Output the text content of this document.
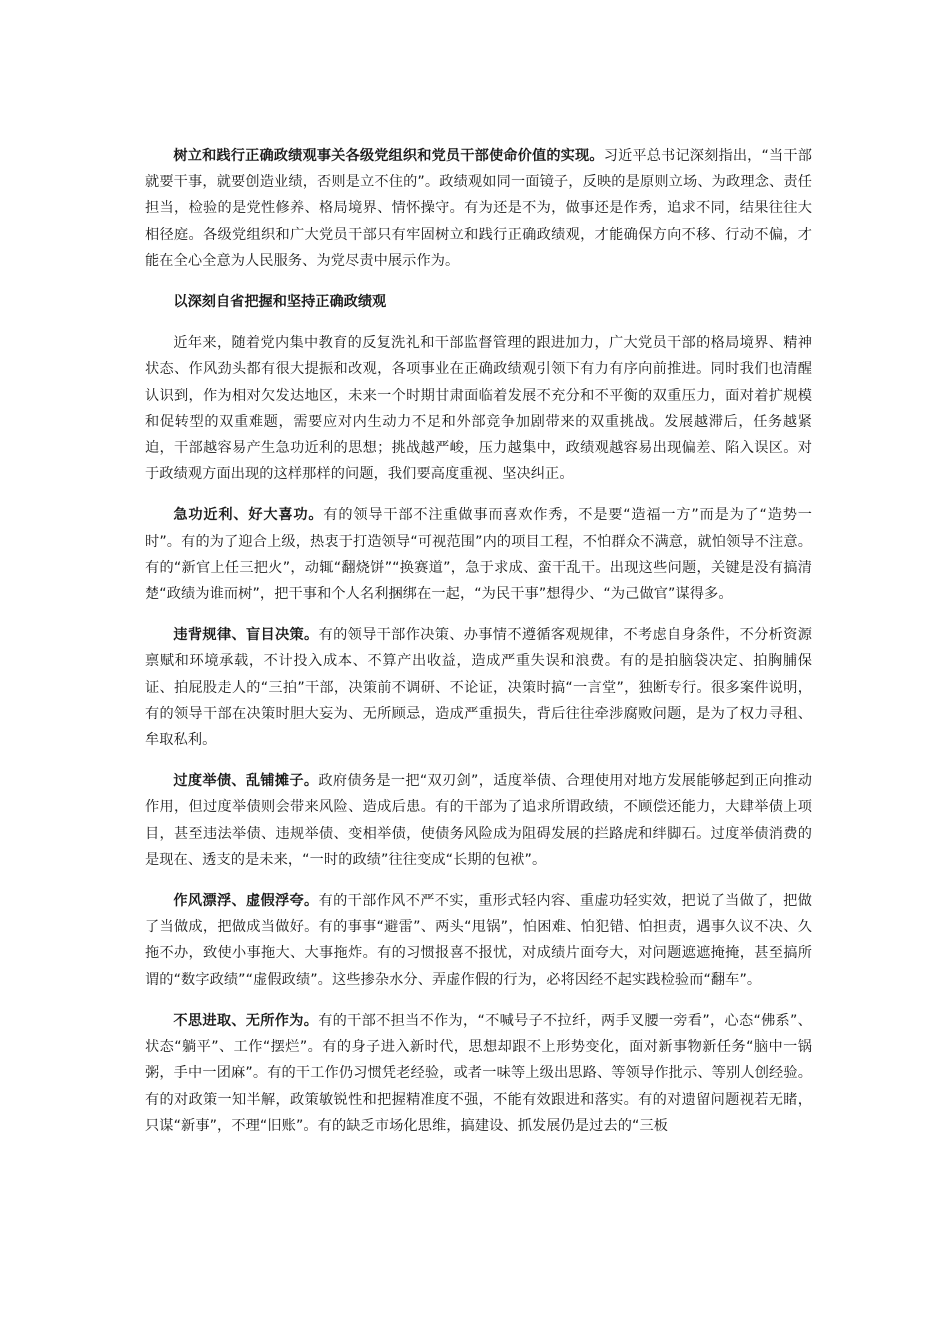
树立和践行正确政绩观事关各级党组织和党员干部使命价值的实现。习近平总书记深刻指出，“当干部就要干事，就要创造业绩，否则是立不住的”。政绩观如同一面镜子，反映的是原则立场、为政理念、责任担当，检验的是党性修养、格局境界、情怀操守。有为还是不为，做事还是作秀，追求不同，结果往往大相径庭。各级党组织和广大党员干部只有牢固树立和践行正确政绩观，才能确保方向不移、行动不偏，才能在全心全意为人民服务、为党尽责中展示作为。

以深刻自省把握和坚持正确政绩观

近年来，随着党内集中教育的反复洗礼和干部监督管理的跟进加力，广大党员干部的格局境界、精神状态、作风劲头都有很大提振和改观，各项事业在正确政绩观引领下有力有序向前推进。同时我们也清醒认识到，作为相对欠发达地区，未来一个时期甘肃面临着发展不充分和不平衡的双重压力，面对着扩规模和促转型的双重难题，需要应对内生动力不足和外部竞争加剧带来的双重挑战。发展越滞后，任务越紧迫，干部越容易产生急功近利的思想；挑战越严峻，压力越集中，政绩观越容易出现偏差、陷入误区。对于政绩观方面出现的这样那样的问题，我们要高度重视、坚决纠正。

急功近利、好大喜功。有的领导干部不注重做事而喜欢作秀，不是要“造福一方”而是为了“造势一时”。有的为了迎合上级，热衷于打造领导“可视范围”内的项目工程，不怕群众不满意，就怕领导不注意。有的“新官上任三把火”，动辄“翻烧饼”“换赛道”，急于求成、蛮干乱干。出现这些问题，关键是没有搞清楚“政绩为谁而树”，把干事和个人名利捆绑在一起，“为民干事”想得少、“为己做官”谋得多。

违背规律、盲目决策。有的领导干部作决策、办事情不遵循客观规律，不考虑自身条件，不分析资源禀赋和环境承载，不计投入成本、不算产出收益，造成严重失误和浪费。有的是拍脑袋决定、拍胸脯保证、拍屁股走人的“三拍”干部，决策前不调研、不论证，决策时搞“一言堂”，独断专行。很多案件说明，有的领导干部在决策时胆大妄为、无所顾忌，造成严重损失，背后往往牵涉腐败问题，是为了权力寻租、牟取私利。

过度举债、乱铺摊子。政府债务是一把“双刃剑”，适度举债、合理使用对地方发展能够起到正向推动作用，但过度举债则会带来风险、造成后患。有的干部为了追求所谓政绩，不顾偿还能力，大肆举债上项目，甚至违法举债、违规举债、变相举债，使债务风险成为阻碍发展的拦路虎和绊脚石。过度举债消费的是现在、透支的是未来，“一时的政绩”往往变成“长期的包袱”。

作风漂浮、虚假浮夸。有的干部作风不严不实，重形式轻内容、重虚功轻实效，把说了当做了，把做了当做成，把做成当做好。有的事事“避雷”、两头“甩锅”，怕困难、怕犯错、怕担责，遇事久议不决、久拖不办，致使小事拖大、大事拖炸。有的习惯报喜不报忧，对成绩片面夸大，对问题遮遮掩掩，甚至搞所谓的“数字政绩”“虚假政绩”。这些掺杂水分、弄虚作假的行为，必将因经不起实践检验而“翻车”。

不思进取、无所作为。有的干部不担当不作为，“不喊号子不拉纤，两手叉腰一旁看”，心态“佛系”、状态“躺平”、工作“摆烂”。有的身子进入新时代，思想却跟不上形势变化，面对新事物新任务“脑中一锅粥，手中一团麻”。有的干工作仍习惯凭老经验，或者一味等上级出思路、等领导作批示、等别人创经验。有的对政策一知半解，政策敏锐性和把握精准度不强，不能有效跟进和落实。有的对遗留问题视若无睹，只谋“新事”，不理“旧账”。有的缺乏市场化思维，搞建设、抓发展仍是过去的“三板
